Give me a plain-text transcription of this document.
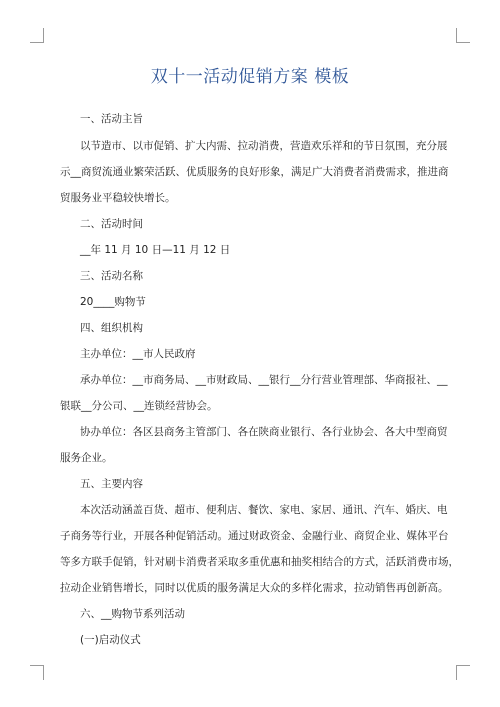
双十一活动促销方案 模板
一、活动主旨
以节造市、以市促销、扩大内需、拉动消费，营造欢乐祥和的节日氛围，充分展
示__商贸流通业繁荣活跃、优质服务的良好形象，满足广大消费者消费需求，推进商
贸服务业平稳较快增长。
二、活动时间
__年 11 月 10 日—11 月 12 日
三、活动名称
20____购物节
四、组织机构
主办单位：__市人民政府
承办单位：__市商务局、__市财政局、__银行__分行营业管理部、华商报社、__
银联__分公司、__连锁经营协会。
协办单位：各区县商务主管部门、各在陕商业银行、各行业协会、各大中型商贸
服务企业。
五、主要内容
本次活动涵盖百货、超市、便利店、餐饮、家电、家居、通讯、汽车、婚庆、电
子商务等行业，开展各种促销活动。通过财政资金、金融行业、商贸企业、媒体平台
等多方联手促销，针对刷卡消费者采取多重优惠和抽奖相结合的方式，活跃消费市场，
拉动企业销售增长，同时以优质的服务满足大众的多样化需求，拉动销售再创新高。
六、__购物节系列活动
(一)启动仪式
